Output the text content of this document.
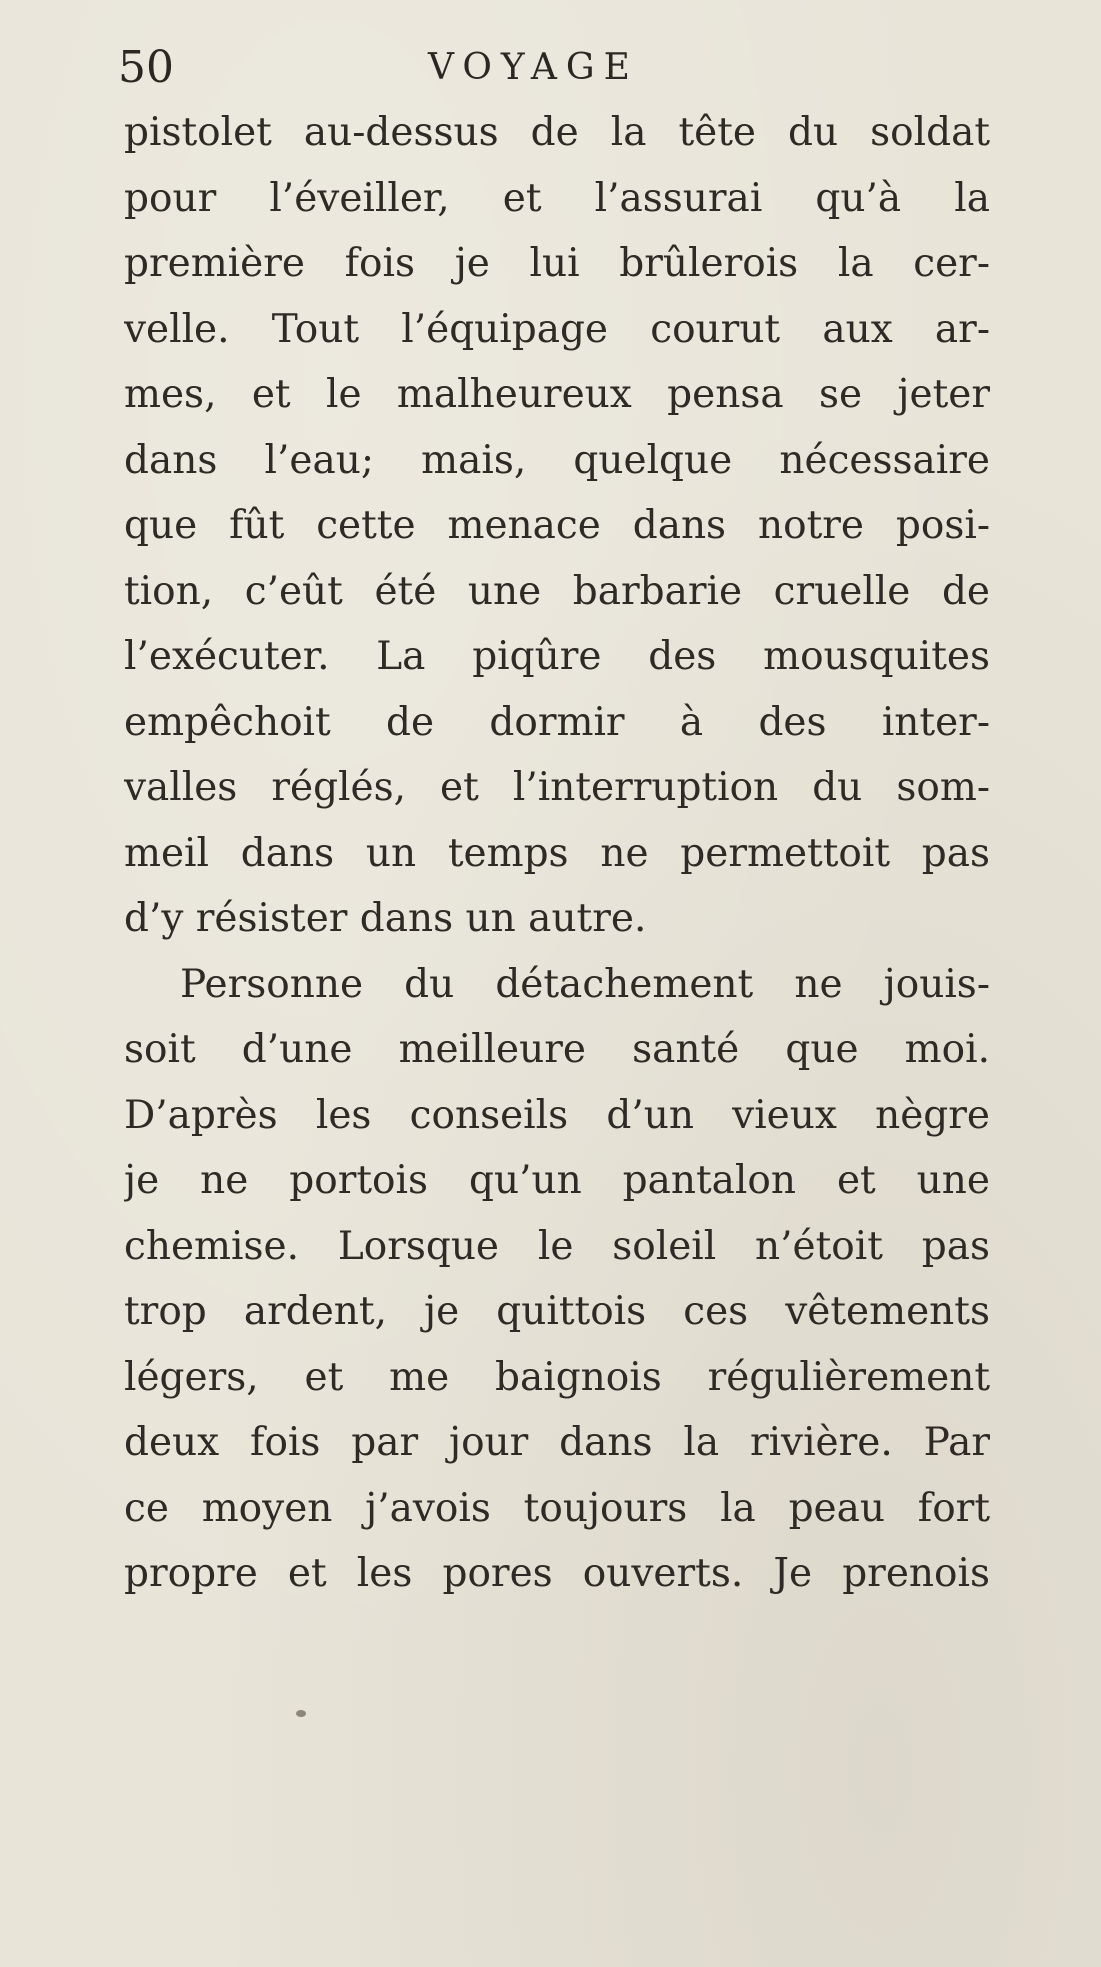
50	VOYAGE
pistolet au-dessus de la tête du soldat
pour l’éveiller, et l’assurai qu’à la
première fois je lui brûlerois la cer-
velle. Tout l’équipage courut aux ar-
mes, et le malheureux pensa se jeter
dans l’eau; mais, quelque nécessaire
que fût cette menace dans notre posi-
tion, c’eût été une barbarie cruelle de
l’exécuter. La piqûre des mousquites
empêchoit de dormir à des inter-
valles réglés, et l’interruption du som-
meil dans un temps ne permettoit pas
d’y résister dans un autre.
Personne du détachement ne jouis-
soit d’une meilleure santé que moi.
D’après les conseils d’un vieux nègre
je ne portois qu’un pantalon et une
chemise. Lorsque le soleil n’étoit pas
trop ardent, je quittois ces vêtements
légers, et me baignois régulièrement
deux fois par jour dans la rivière. Par
ce moyen j’avois toujours la peau fort
propre et les pores ouverts. Je prenois
